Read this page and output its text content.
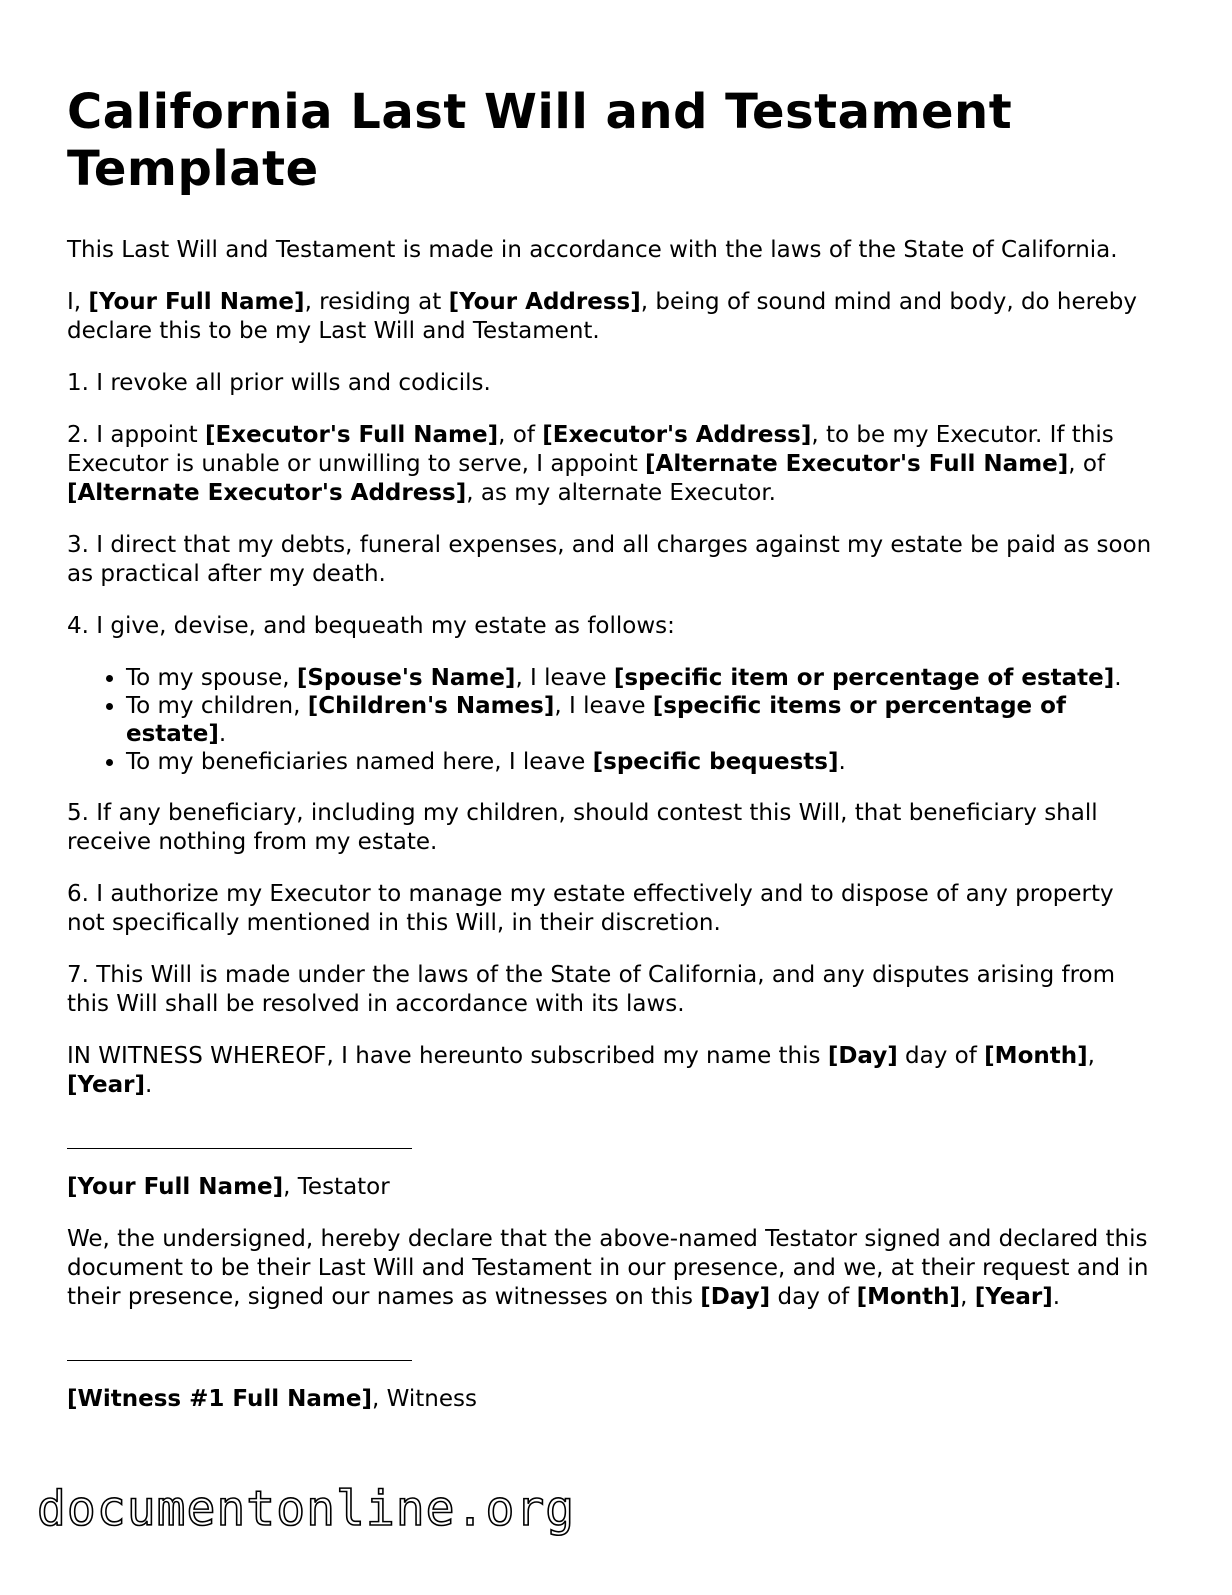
California Last Will and Testament Template

This Last Will and Testament is made in accordance with the laws of the State of California.

I, [Your Full Name], residing at [Your Address], being of sound mind and body, do hereby declare this to be my Last Will and Testament.

1. I revoke all prior wills and codicils.

2. I appoint [Executor's Full Name], of [Executor's Address], to be my Executor. If this Executor is unable or unwilling to serve, I appoint [Alternate Executor's Full Name], of [Alternate Executor's Address], as my alternate Executor.

3. I direct that my debts, funeral expenses, and all charges against my estate be paid as soon as practical after my death.

4. I give, devise, and bequeath my estate as follows:

• To my spouse, [Spouse's Name], I leave [specific item or percentage of estate].
• To my children, [Children's Names], I leave [specific items or percentage of estate].
• To my beneficiaries named here, I leave [specific bequests].

5. If any beneficiary, including my children, should contest this Will, that beneficiary shall receive nothing from my estate.

6. I authorize my Executor to manage my estate effectively and to dispose of any property not specifically mentioned in this Will, in their discretion.

7. This Will is made under the laws of the State of California, and any disputes arising from this Will shall be resolved in accordance with its laws.

IN WITNESS WHEREOF, I have hereunto subscribed my name this [Day] day of [Month], [Year].

[Your Full Name], Testator

We, the undersigned, hereby declare that the above-named Testator signed and declared this document to be their Last Will and Testament in our presence, and we, at their request and in their presence, signed our names as witnesses on this [Day] day of [Month], [Year].

[Witness #1 Full Name], Witness

documentonline.org
